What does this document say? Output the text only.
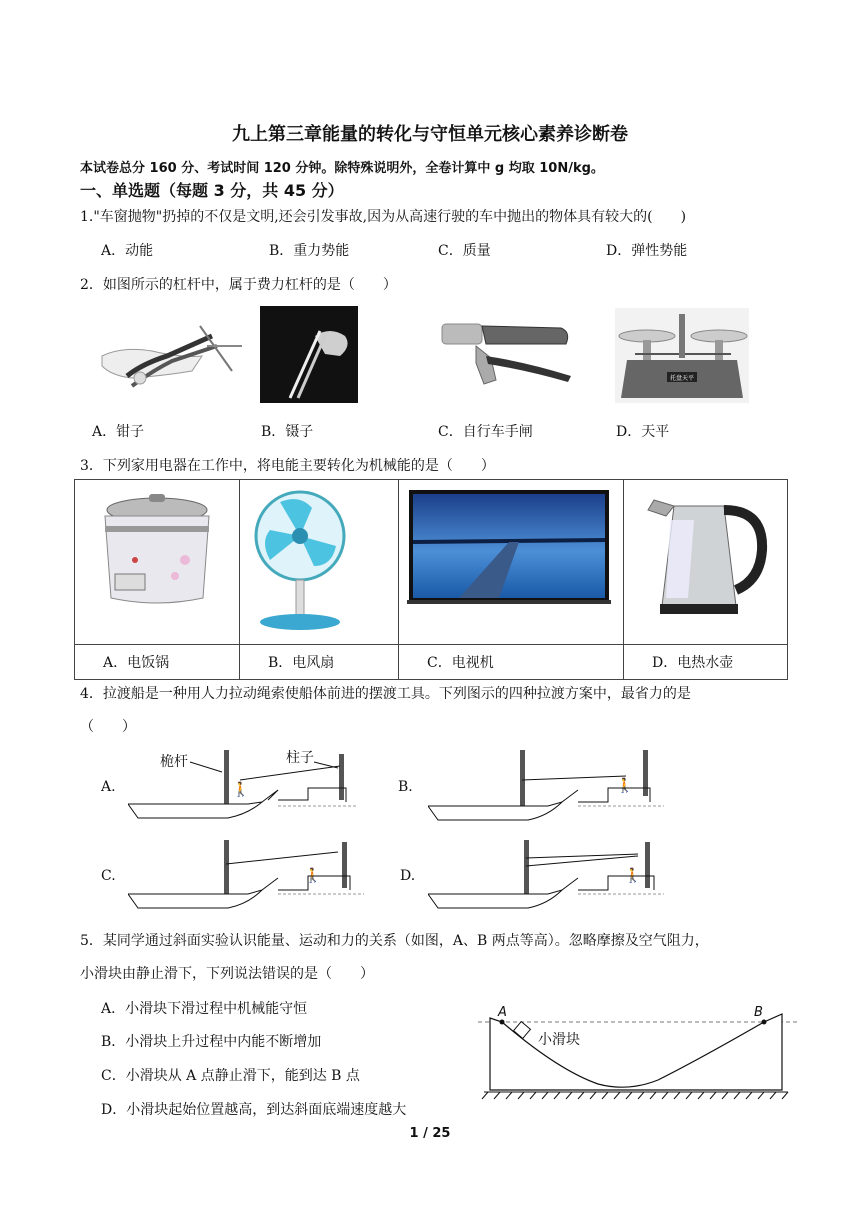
九上第三章能量的转化与守恒单元核心素养诊断卷
本试卷总分 160 分、考试时间 120 分钟。除特殊说明外，全卷计算中 g 均取 10N/kg。
一、单选题（每题 3 分，共 45 分）
1."车窗抛物"扔掉的不仅是文明,还会引发事故,因为从高速行驶的车中抛出的物体具有较大的(　　)
A．动能	B．重力势能	C．质量	D．弹性势能
2．如图所示的杠杆中，属于费力杠杆的是（　　）
托盘天平
A．钳子	B．镊子	C．自行车手闸	D．天平
3．下列家用电器在工作中，将电能主要转化为机械能的是（　　）

A．电饭锅	B．电风扇	C．电视机	D．电热水壶
4．拉渡船是一种用人力拉动绳索使船体前进的摆渡工具。下列图示的四种拉渡方案中，最省力的是
（　　）
A.
桅杆	柱子
🚶	B.	🚶
C.	🚶	D.	🚶
5．某同学通过斜面实验认识能量、运动和力的关系（如图，A、B 两点等高）。忽略摩擦及空气阻力，
小滑块由静止滑下，下列说法错误的是（　　）
A．小滑块下滑过程中机械能守恒
B．小滑块上升过程中内能不断增加
C．小滑块从 A 点静止滑下，能到达 B 点
D．小滑块起始位置越高，到达斜面底端速度越大
A	B
小滑块
1 / 25
